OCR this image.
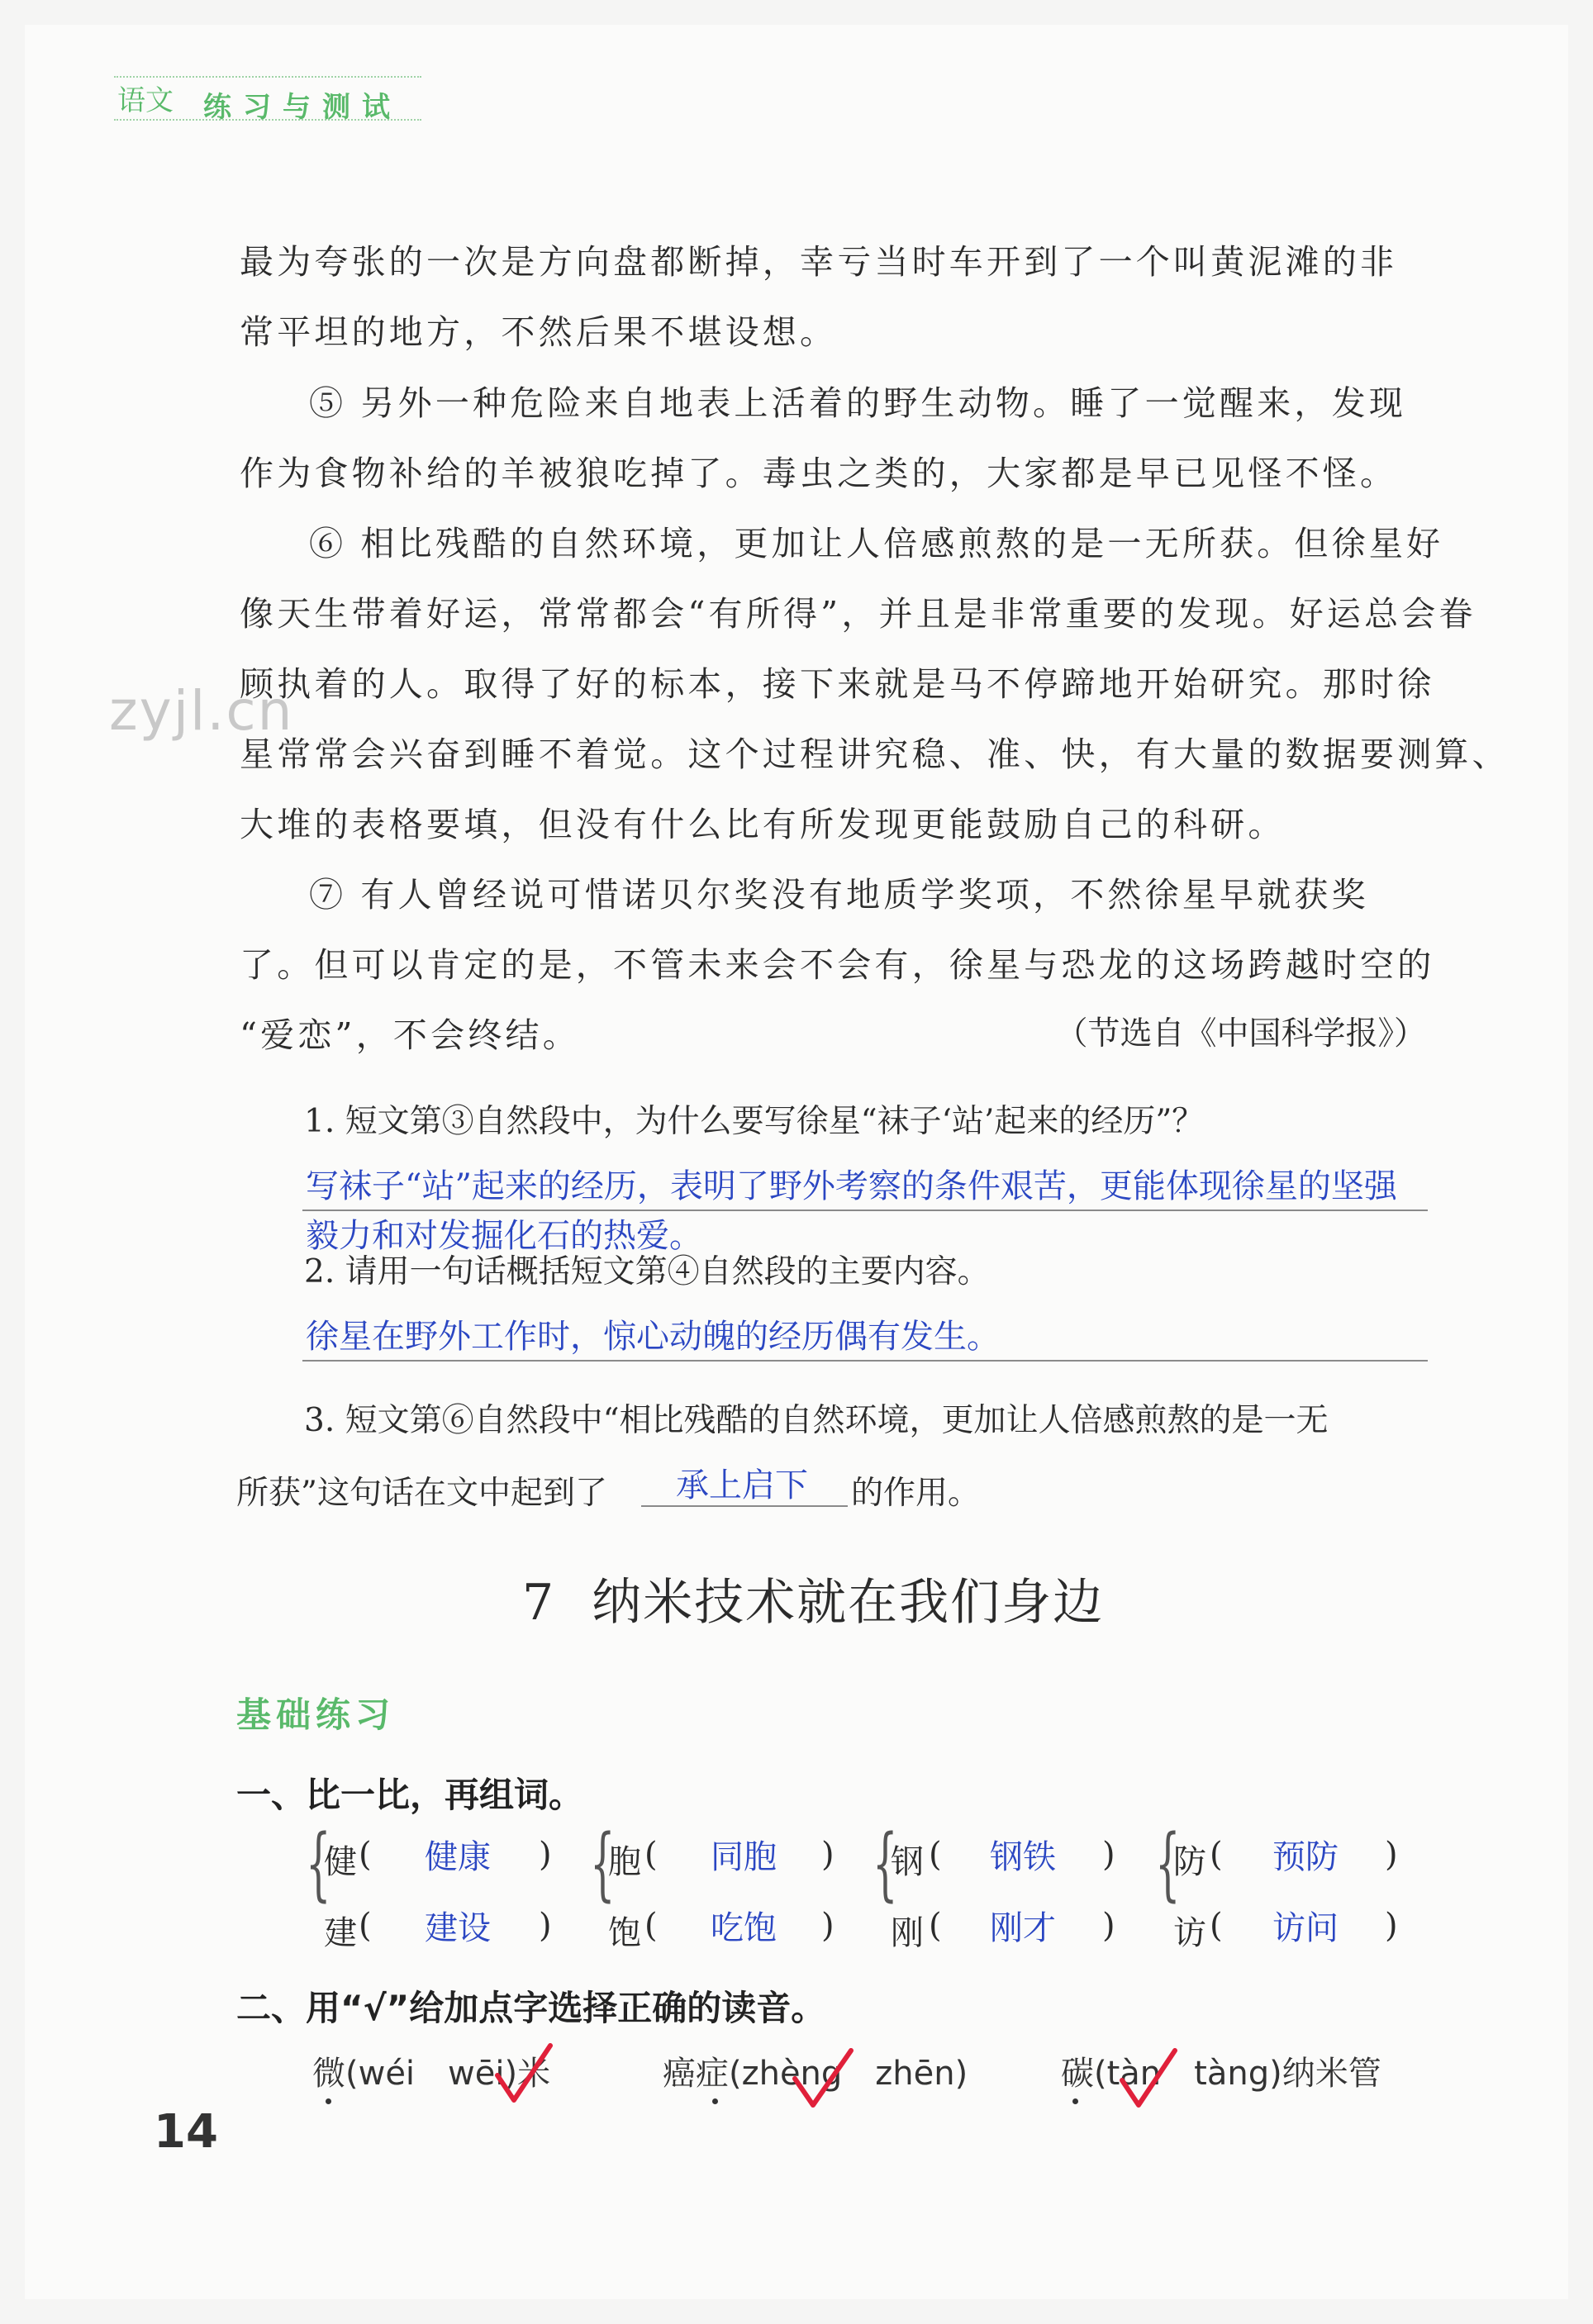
语文 练习与测试
zyjl.cn
最为夸张的一次是方向盘都断掉，幸亏当时车开到了一个叫黄泥滩的非
常平坦的地方，不然后果不堪设想。
⑤ 另外一种危险来自地表上活着的野生动物。睡了一觉醒来，发现
作为食物补给的羊被狼吃掉了。毒虫之类的，大家都是早已见怪不怪。
⑥ 相比残酷的自然环境，更加让人倍感煎熬的是一无所获。但徐星好
像天生带着好运，常常都会“有所得”，并且是非常重要的发现。好运总会眷
顾执着的人。取得了好的标本，接下来就是马不停蹄地开始研究。那时徐
星常常会兴奋到睡不着觉。这个过程讲究稳、准、快，有大量的数据要测算、
大堆的表格要填，但没有什么比有所发现更能鼓励自己的科研。
⑦ 有人曾经说可惜诺贝尔奖没有地质学奖项，不然徐星早就获奖
了。但可以肯定的是，不管未来会不会有，徐星与恐龙的这场跨越时空的
“爱恋”，不会终结。	（节选自《中国科学报》）
1. 短文第③自然段中，为什么要写徐星“袜子‘站’起来的经历”？
写袜子“站”起来的经历，表明了野外考察的条件艰苦，更能体现徐星的坚强
毅力和对发掘化石的热爱。
2. 请用一句话概括短文第④自然段的主要内容。
徐星在野外工作时，惊心动魄的经历偶有发生。
3. 短文第⑥自然段中“相比残酷的自然环境，更加让人倍感煎熬的是一无
所获”这句话在文中起到了 承上启下 的作用。
7 纳米技术就在我们身边
基础练习
一、比一比，再组词。
{
健 ( 健康 )
建 ( 建设 )
{
胞 ( 同胞 )
饱 ( 吃饱 )
{
钢 ( 钢铁 )
刚 ( 刚才 )
{
防 ( 预防 )
访 ( 访问 )
二、用“√”给加点字选择正确的读音。
微(wéi　wēi)米	癌症(zhèng　zhēn)	碳(tàn　tàng)纳米管
14
